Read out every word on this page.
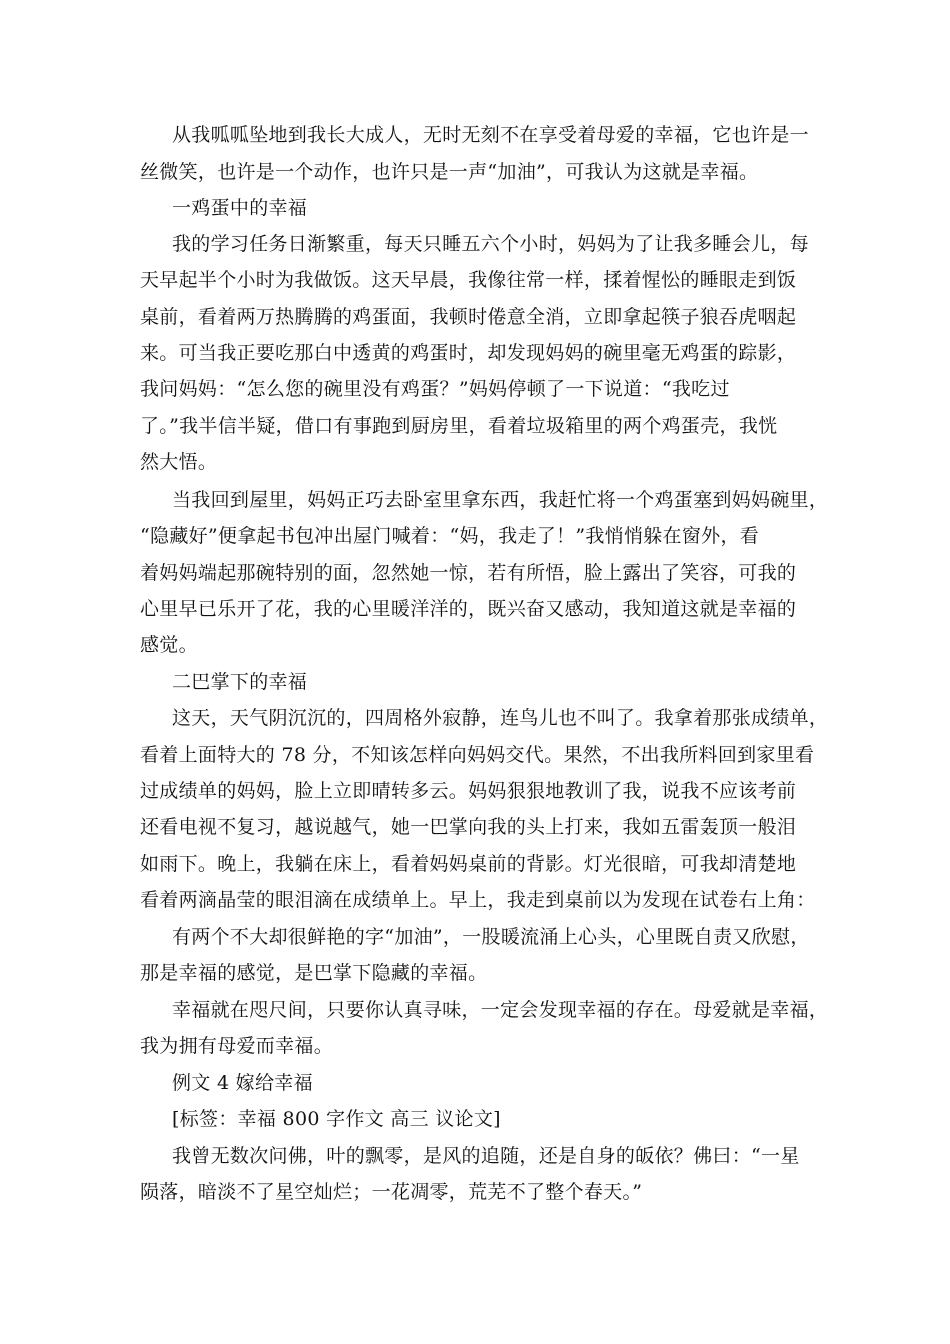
从我呱呱坠地到我长大成人，无时无刻不在享受着母爱的幸福，它也许是一
丝微笑，也许是一个动作，也许只是一声“加油”，可我认为这就是幸福。
一鸡蛋中的幸福
我的学习任务日渐繁重，每天只睡五六个小时，妈妈为了让我多睡会儿，每
天早起半个小时为我做饭。这天早晨，我像往常一样，揉着惺忪的睡眼走到饭
桌前，看着两万热腾腾的鸡蛋面，我顿时倦意全消，立即拿起筷子狼吞虎咽起
来。可当我正要吃那白中透黄的鸡蛋时，却发现妈妈的碗里毫无鸡蛋的踪影，
我问妈妈：“怎么您的碗里没有鸡蛋？”妈妈停顿了一下说道：“我吃过
了。”我半信半疑，借口有事跑到厨房里，看着垃圾箱里的两个鸡蛋壳，我恍
然大悟。
当我回到屋里，妈妈正巧去卧室里拿东西，我赶忙将一个鸡蛋塞到妈妈碗里，
“隐藏好”便拿起书包冲出屋门喊着：“妈，我走了！”我悄悄躲在窗外，看
着妈妈端起那碗特别的面，忽然她一惊，若有所悟，脸上露出了笑容，可我的
心里早已乐开了花，我的心里暖洋洋的，既兴奋又感动，我知道这就是幸福的
感觉。
二巴掌下的幸福
这天，天气阴沉沉的，四周格外寂静，连鸟儿也不叫了。我拿着那张成绩单，
看着上面特大的 78 分，不知该怎样向妈妈交代。果然，不出我所料回到家里看
过成绩单的妈妈，脸上立即晴转多云。妈妈狠狠地教训了我，说我不应该考前
还看电视不复习，越说越气，她一巴掌向我的头上打来，我如五雷轰顶一般泪
如雨下。晚上，我躺在床上，看着妈妈桌前的背影。灯光很暗，可我却清楚地
看着两滴晶莹的眼泪滴在成绩单上。早上，我走到桌前以为发现在试卷右上角：
有两个不大却很鲜艳的字“加油”，一股暖流涌上心头，心里既自责又欣慰，
那是幸福的感觉，是巴掌下隐藏的幸福。
幸福就在咫尺间，只要你认真寻味，一定会发现幸福的存在。母爱就是幸福，
我为拥有母爱而幸福。
例文 4 嫁给幸福
[标签：幸福 800 字作文 高三 议论文]
我曾无数次问佛，叶的飘零，是风的追随，还是自身的皈依？佛曰：“一星
陨落，暗淡不了星空灿烂；一花凋零，荒芜不了整个春天。”
